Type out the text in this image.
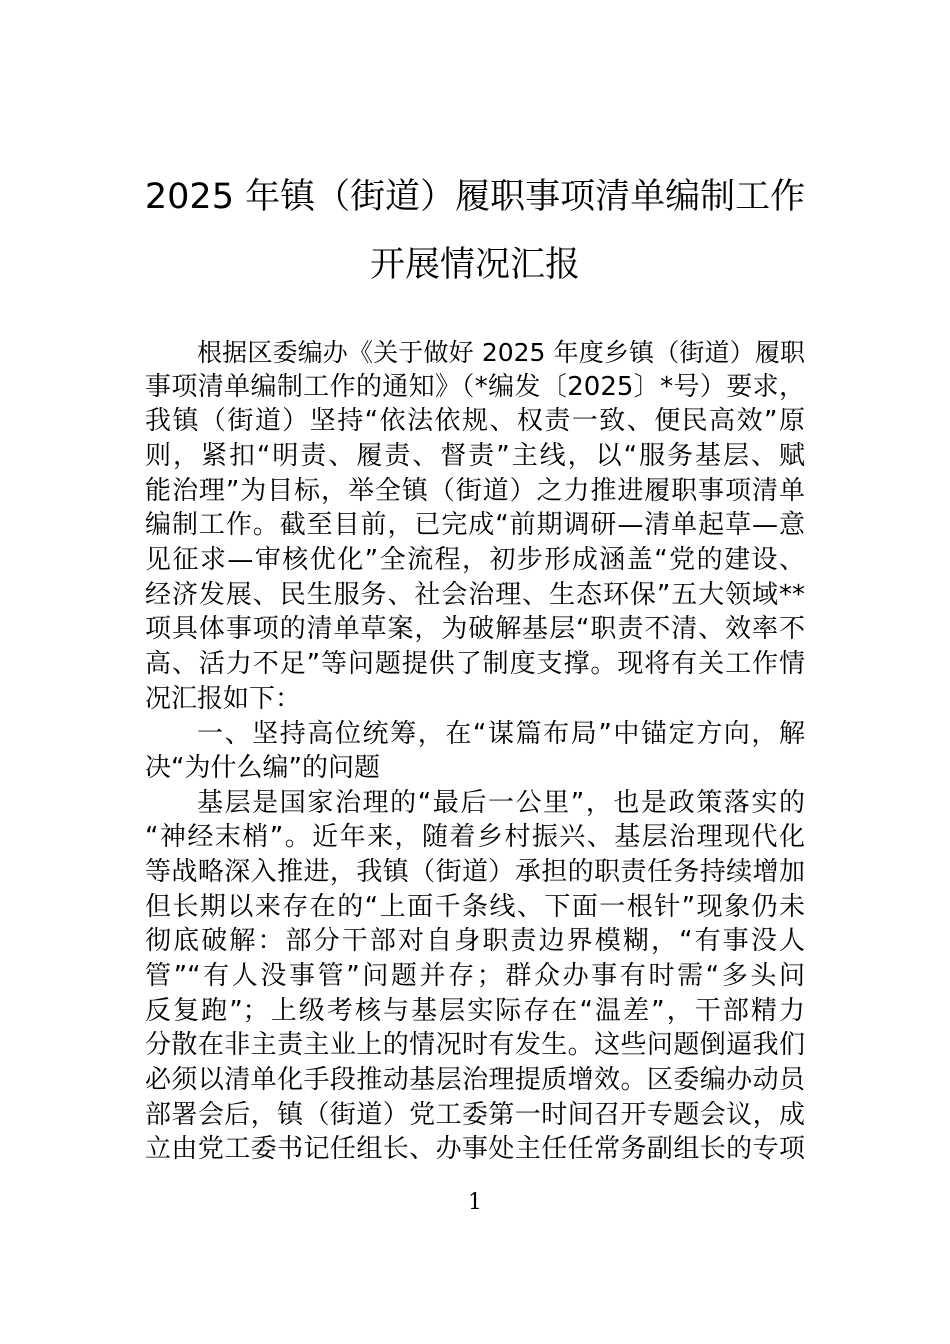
2025 年镇（街道）履职事项清单编制工作
开展情况汇报
根据区委编办《关于做好 2025 年度乡镇（街道）履职
事项清单编制工作的通知》（*编发〔2025〕*号）要求，
我镇（街道）坚持“依法依规、权责一致、便民高效”原
则，紧扣“明责、履责、督责”主线，以“服务基层、赋
能治理”为目标，举全镇（街道）之力推进履职事项清单
编制工作。截至目前，已完成“前期调研—清单起草—意
见征求—审核优化”全流程，初步形成涵盖“党的建设、
经济发展、民生服务、社会治理、生态环保”五大领域**
项具体事项的清单草案，为破解基层“职责不清、效率不
高、活力不足”等问题提供了制度支撑。现将有关工作情
况汇报如下：
一、坚持高位统筹，在“谋篇布局”中锚定方向，解
决“为什么编”的问题
基层是国家治理的“最后一公里”，也是政策落实的
“神经末梢”。近年来，随着乡村振兴、基层治理现代化
等战略深入推进，我镇（街道）承担的职责任务持续增加
但长期以来存在的“上面千条线、下面一根针”现象仍未
彻底破解：部分干部对自身职责边界模糊，“有事没人
管”“有人没事管”问题并存；群众办事有时需“多头问
反复跑”；上级考核与基层实际存在“温差”，干部精力
分散在非主责主业上的情况时有发生。这些问题倒逼我们
必须以清单化手段推动基层治理提质增效。区委编办动员
部署会后，镇（街道）党工委第一时间召开专题会议，成
立由党工委书记任组长、办事处主任任常务副组长的专项
1
